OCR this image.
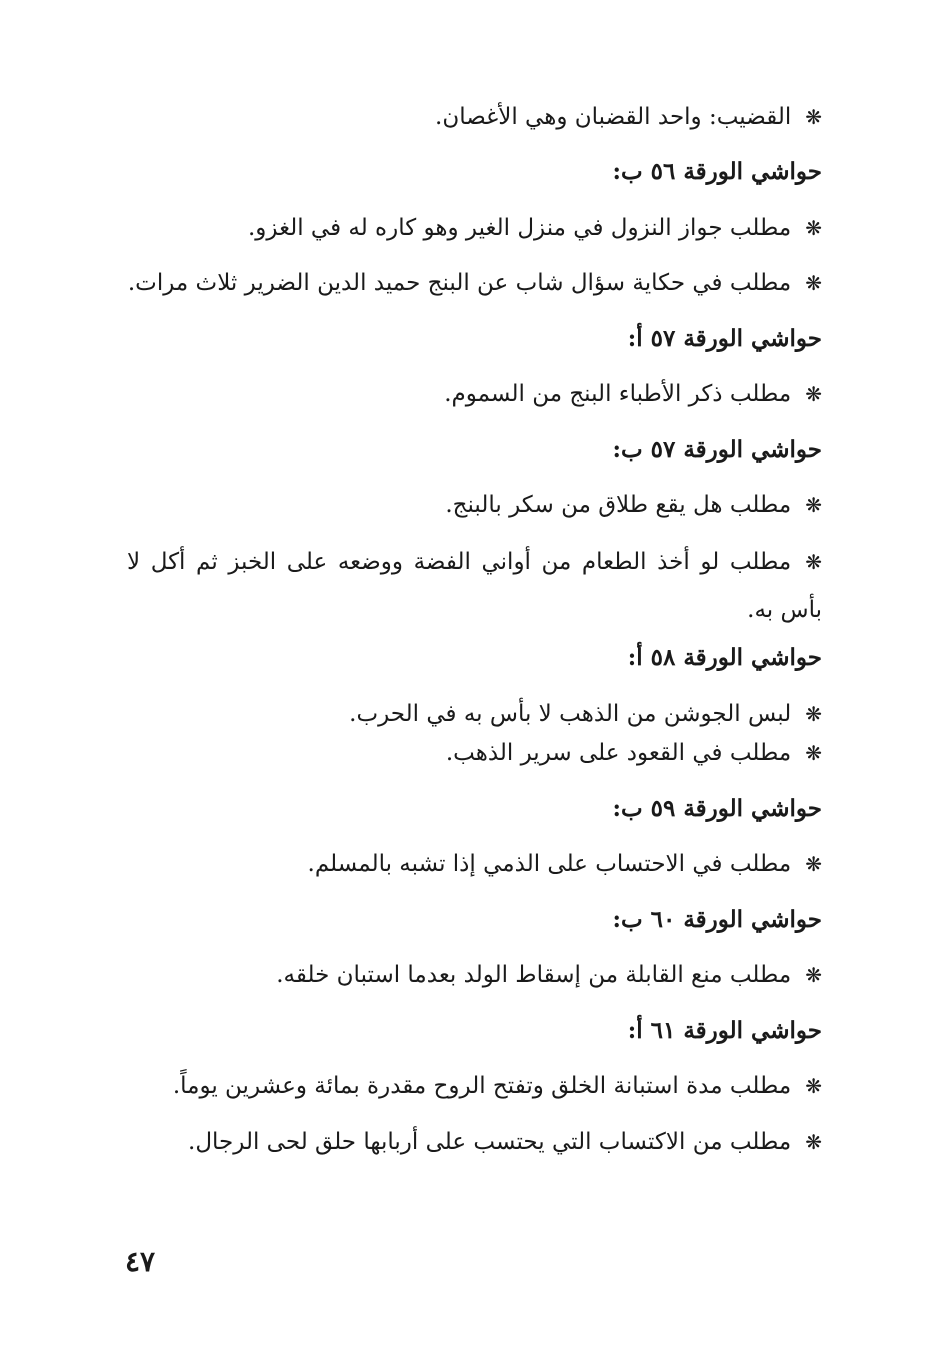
❋القضيب: واحد القضبان وهي الأغصان.
حواشي الورقة ٥٦ ب:
❋مطلب جواز النزول في منزل الغير وهو كاره له في الغزو.
❋مطلب في حكاية سؤال شاب عن البنج حميد الدين الضرير ثلاث مرات.
حواشي الورقة ٥٧ أ:
❋مطلب ذكر الأطباء البنج من السموم.
حواشي الورقة ٥٧ ب:
❋مطلب هل يقع طلاق من سكر بالبنج.
❋مطلب لو أخذ الطعام من أواني الفضة ووضعه على الخبز ثم أكل لا بأس به.
حواشي الورقة ٥٨ أ:
❋لبس الجوشن من الذهب لا بأس به في الحرب.
❋مطلب في القعود على سرير الذهب.
حواشي الورقة ٥٩ ب:
❋مطلب في الاحتساب على الذمي إذا تشبه بالمسلم.
حواشي الورقة ٦٠ ب:
❋مطلب منع القابلة من إسقاط الولد بعدما استبان خلقه.
حواشي الورقة ٦١ أ:
❋مطلب مدة استبانة الخلق وتفتح الروح مقدرة بمائة وعشرين يوماً.
❋مطلب من الاكتساب التي يحتسب على أربابها حلق لحى الرجال.
٤٧
